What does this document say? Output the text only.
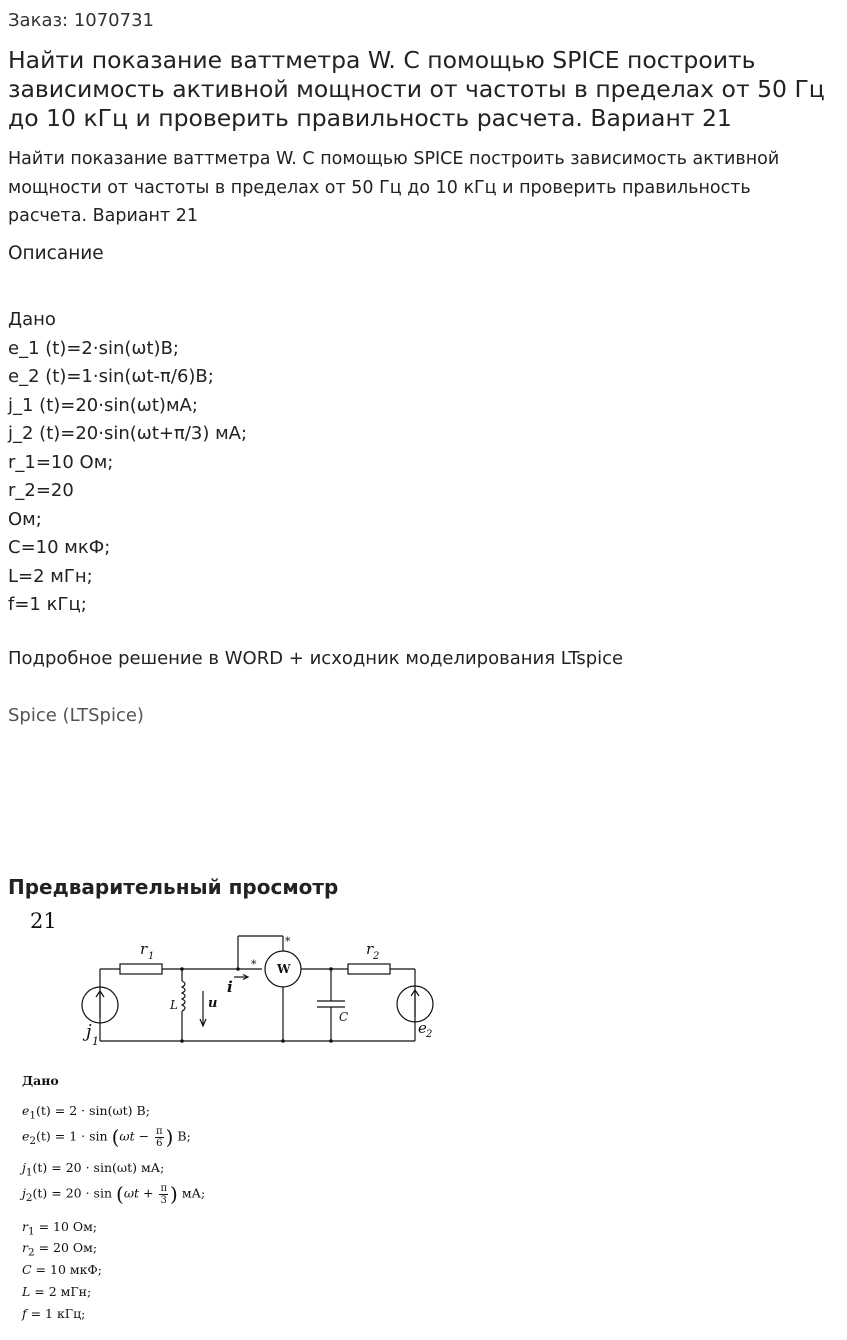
Заказ: 1070731
Найти показание ваттметра W. С помощью SPICE построить зависимость активной мощности от частоты в пределах от 50 Гц до 10 кГц и проверить правильность расчета. Вариант 21
Найти показание ваттметра W. С помощью SPICE построить зависимость активной мощности от частоты в пределах от 50 Гц до 10 кГц и проверить правильность расчета. Вариант 21
Описание
Дано
e_1 (t)=2·sin(ωt)В;
e_2 (t)=1·sin(ωt-π/6)В;
j_1 (t)=20·sin(ωt)мА;
j_2 (t)=20·sin(ωt+π/3) мА;
r_1=10 Ом;
r_2=20
Ом;
C=10 мкФ;
L=2 мГн;
f=1 кГц;
Подробное решение в WORD + исходник моделирования LTspice
Spice (LTSpice)
Предварительный просмотр
21
r 1	r 2
L u
i
C
j 1
e 2
W
*
*
Дано
$e_1(t) = 2 \cdot \sin(\omega t)$ В;
$e_2(t) = 1 \cdot \sin (\omega t - \frac{\pi}{6}$ ) В;
$j_1(t) = 20 \cdot \sin(\omega t)$ мА;
$j_2(t) = 20 \cdot \sin (\omega t + \frac{\pi}{3}$ ) мА;
$r_1 = 10$ Ом;
$r_2 = 20$ Ом;
C = 10 мкФ;
L = 2 мГн;
f = 1 кГц;
